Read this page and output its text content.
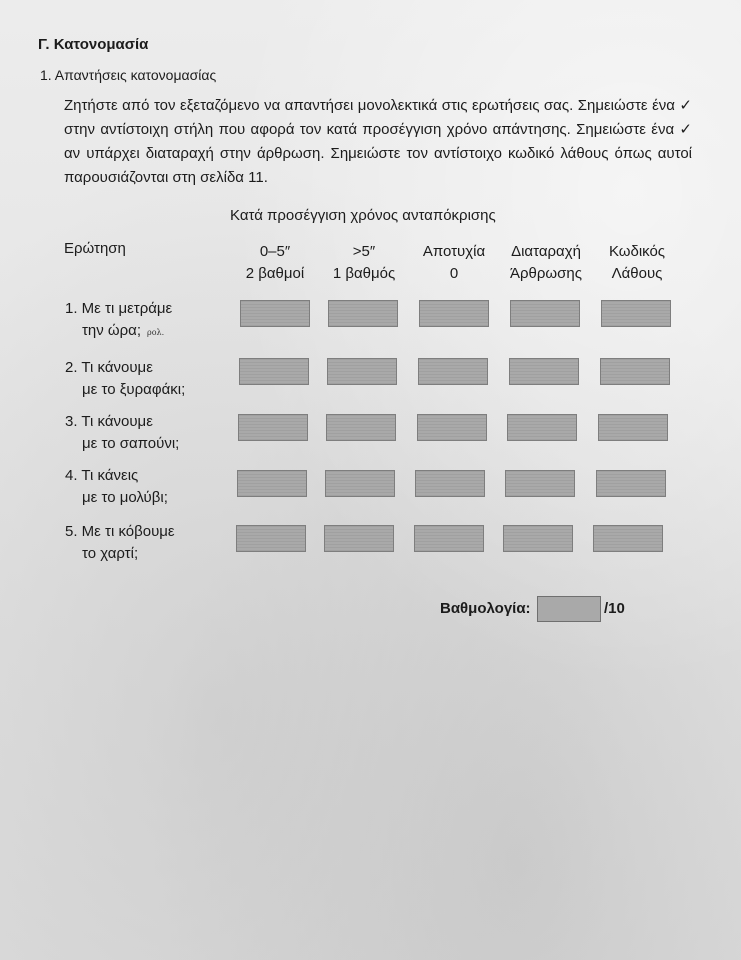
Γ. Κατονομασία
1. Απαντήσεις κατονομασίας
Ζητήστε από τον εξεταζόμενο να απαντήσει μονολεκτικά στις ερωτήσεις σας. Σημειώστε ένα ✓ στην αντίστοιχη στήλη που αφορά τον κατά προσέγγιση χρόνο απάντησης. Σημειώστε ένα ✓ αν υπάρχει διαταραχή στην άρθρωση. Σημειώστε τον αντίστοιχο κωδικό λάθους όπως αυτοί παρουσιάζονται στη σελίδα 11.
Κατά προσέγγιση χρόνος ανταπόκρισης
Ερώτηση	0–5″
2 βαθμοί
>5″
1 βαθμός
Αποτυχία
0
Διαταραχή
Άρθρωσης
Κωδικός
Λάθους
1. Με τι μετράμε
την ώρα; ρολ.
2. Τι κάνουμε
με το ξυραφάκι;
3. Τι κάνουμε
με το σαπούνι;
4. Τι κάνεις
με το μολύβι;
5. Με τι κόβουμε
το χαρτί;
Βαθμολογία:	/10
